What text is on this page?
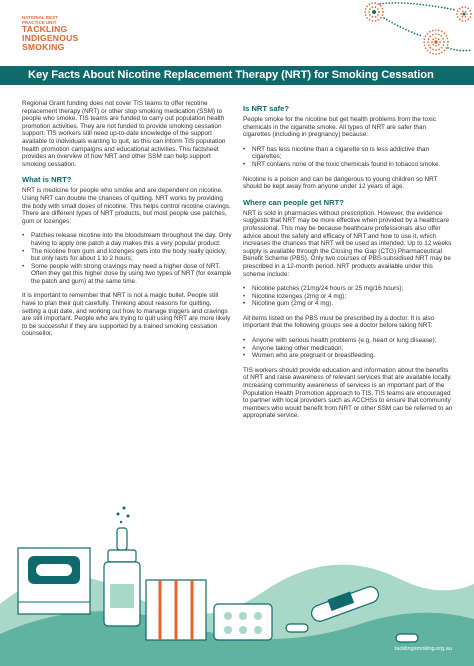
NATIONAL BEST
PRACTICE UNIT
TACKLING
INDIGENOUS
SMOKING
Key Facts About Nicotine Replacement Therapy (NRT) for Smoking Cessation

Regional Grant funding does not cover TIS teams to offer nicotine replacement therapy (NRT) or other stop smoking medication (SSM) to people who smoke. TIS teams are funded to carry out population health promotion activities. They are not funded to provide smoking cessation support. TIS workers still need up-to-date knowledge of the support available to individuals wanting to quit, as this can inform TIS population health promotion campaigns and educational activities. This factsheet provides an overview of how NRT and other SSM can help support smoking cessation.

What is NRT?

NRT is medicine for people who smoke and are dependent on nicotine. Using NRT can double the chances of quitting. NRT works by providing the body with small doses of nicotine. This helps control nicotine cravings. There are different types of NRT products, but most people use patches, gum or lozenges:

• Patches release nicotine into the bloodstream throughout the day. Only having to apply one patch a day makes this a very popular product;
• The nicotine from gum and lozenges gets into the body really quickly, but only lasts for about 1 to 2 hours;
• Some people with strong cravings may need a higher dose of NRT. Often they get this higher dose by using two types of NRT (for example the patch and gum) at the same time.

It is important to remember that NRT is not a magic bullet. People still have to plan their quit carefully. Thinking about reasons for quitting, setting a quit date, and working out how to manage triggers and cravings are still important. People who are trying to quit using NRT are more likely to be successful if they are supported by a trained smoking cessation counsellor.

Is NRT safe?

People smoke for the nicotine but get health problems from the toxic chemicals in the cigarette smoke. All types of NRT are safer than cigarettes (including in pregnancy) because:

• NRT has less nicotine than a cigarette so is less addictive than cigarettes;
• NRT contains none of the toxic chemicals found in tobacco smoke.

Nicotine is a poison and can be dangerous to young children so NRT should be kept away from anyone under 12 years of age.

Where can people get NRT?

NRT is sold in pharmacies without prescription. However, the evidence suggests that NRT may be more effective when provided by a healthcare professional. This may be because healthcare professionals also offer advice about the safety and efficacy of NRT and how to use it, which increases the chances that NRT will be used as intended. Up to 12 weeks supply is available through the Closing the Gap (CTG) Pharmaceutical Benefit Scheme (PBS). Only two courses of PBS-subsidised NRT may be prescribed in a 12-month period. NRT products available under this scheme include:

• Nicotine patches (21mg/24 hours or 25 mg/16 hours);
• Nicotine lozenges (2mg or 4 mg);
• Nicotine gum (2mg or 4 mg).

All items listed on the PBS must be prescribed by a doctor. It is also important that the following groups see a doctor before taking NRT:

• Anyone with serious health problems (e.g. heart or lung disease);
• Anyone taking other medication;
• Women who are pregnant or breastfeeding.

TIS workers should provide education and information about the benefits of NRT and raise awareness of relevant services that are available locally. Increasing community awareness of services is an important part of the Population Health Promotion approach to TIS. TIS teams are encouraged to partner with local providers such as ACCHSs to ensure that community members who would benefit from NRT or other SSM can be referred to an appropriate service.

tacklingsmoking.org.au
